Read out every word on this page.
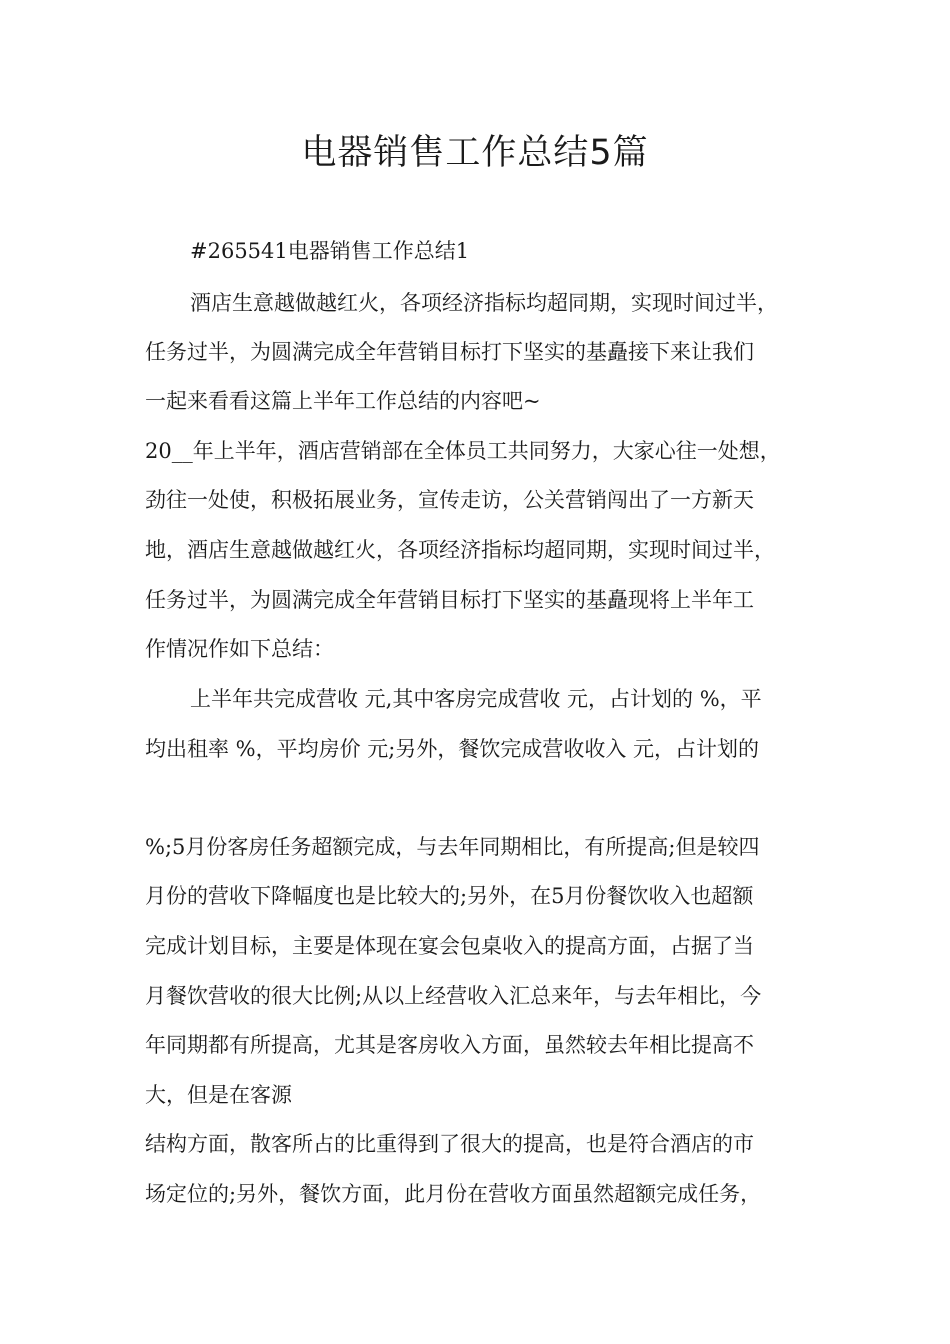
电器销售工作总结5篇
#265541电器销售工作总结1
酒店生意越做越红火，各项经济指标均超同期，实现时间过半，
任务过半，为圆满完成全年营销目标打下坚实的基矗接下来让我们
一起来看看这篇上半年工作总结的内容吧~
20__年上半年，酒店营销部在全体员工共同努力，大家心往一处想，
劲往一处使，积极拓展业务，宣传走访，公关营销闯出了一方新天
地，酒店生意越做越红火，各项经济指标均超同期，实现时间过半，
任务过半，为圆满完成全年营销目标打下坚实的基矗现将上半年工
作情况作如下总结：
上半年共完成营收 元,其中客房完成营收 元，占计划的 %，平
均出租率 %，平均房价 元;另外，餐饮完成营收收入 元，占计划的
%;5月份客房任务超额完成，与去年同期相比，有所提高;但是较四
月份的营收下降幅度也是比较大的;另外，在5月份餐饮收入也超额
完成计划目标，主要是体现在宴会包桌收入的提高方面，占据了当
月餐饮营收的很大比例;从以上经营收入汇总来年，与去年相比，今
年同期都有所提高，尤其是客房收入方面，虽然较去年相比提高不
大，但是在客源
结构方面，散客所占的比重得到了很大的提高，也是符合酒店的市
场定位的;另外，餐饮方面，此月份在营收方面虽然超额完成任务，
